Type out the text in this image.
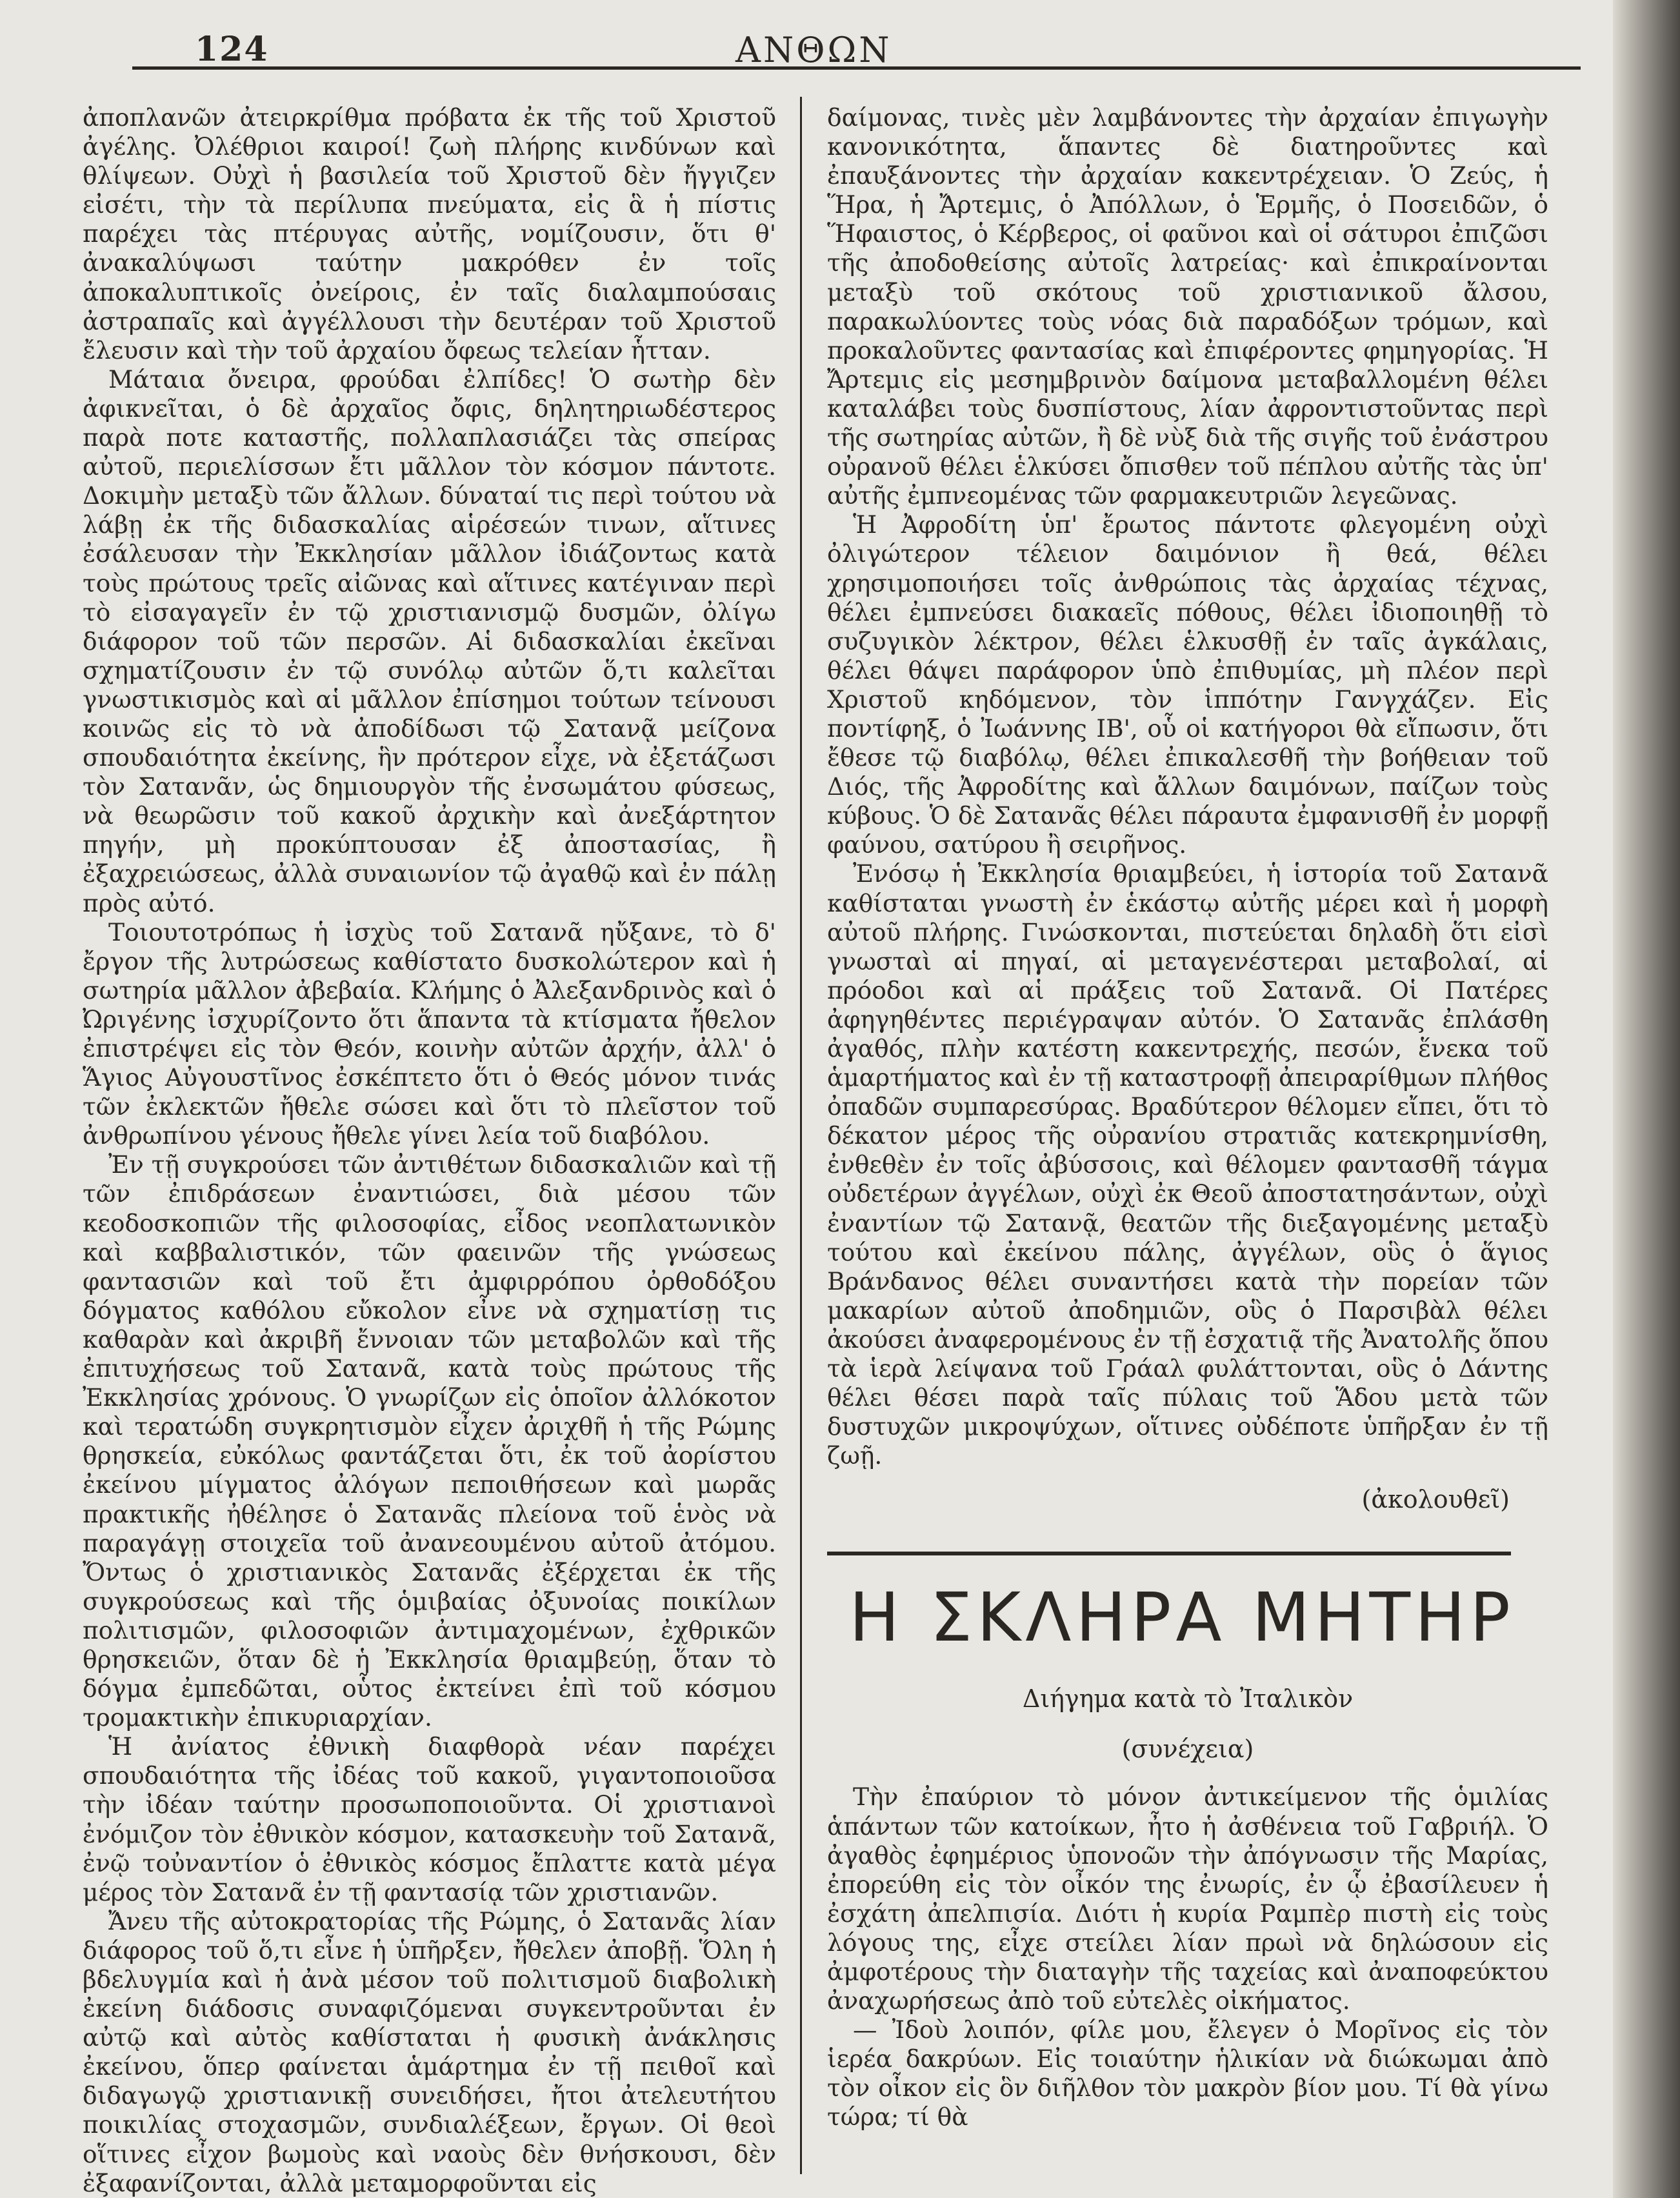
124	ΑΝΘΩΝ

ἀποπλανῶν ἀτειρκρίθμα πρόβατα ἐκ τῆς τοῦ Χριστοῦ ἀγέλης. Ὀλέθριοι καιροί! ζωὴ πλήρης κινδύνων καὶ θλίψεων. Οὐχὶ ἡ βασιλεία τοῦ Χριστοῦ δὲν ἤγγιζεν εἰσέτι, τὴν τὰ περίλυπα πνεύματα, εἰς ἃ ἡ πίστις παρέχει τὰς πτέρυγας αὐτῆς, νομίζουσιν, ὅτι θ' ἀνακαλύψωσι ταύτην μακρόθεν ἐν τοῖς ἀποκαλυπτικοῖς ὀνείροις, ἐν ταῖς διαλαμπούσαις ἀστραπαῖς καὶ ἀγγέλλουσι τὴν δευτέραν τοῦ Χριστοῦ ἔλευσιν καὶ τὴν τοῦ ἀρχαίου ὄφεως τελείαν ἧτταν.

Μάταια ὄνειρα, φρούδαι ἐλπίδες! Ὁ σωτὴρ δὲν ἀφικνεῖται, ὁ δὲ ἀρχαῖος ὄφις, δηλητηριωδέστερος παρὰ ποτε καταστῆς, πολλαπλασιάζει τὰς σπείρας αὐτοῦ, περιελίσσων ἔτι μᾶλλον τὸν κόσμον πάντοτε. Δοκιμὴν μεταξὺ τῶν ἄλλων. δύναταί τις περὶ τούτου νὰ λάβῃ ἐκ τῆς διδασκαλίας αἱρέσεών τινων, αἵτινες ἐσάλευσαν τὴν Ἐκκλησίαν μᾶλλον ἰδιάζοντως κατὰ τοὺς πρώτους τρεῖς αἰῶνας καὶ αἵτινες κατέγιναν περὶ τὸ εἰσαγαγεῖν ἐν τῷ χριστιανισμῷ δυσμῶν, ὀλίγω διάφορον τοῦ τῶν περσῶν. Αἱ διδασκαλίαι ἐκεῖναι σχηματίζουσιν ἐν τῷ συνόλῳ αὐτῶν ὅ,τι καλεῖται γνωστικισμὸς καὶ αἱ μᾶλλον ἐπίσημοι τούτων τείνουσι κοινῶς εἰς τὸ νὰ ἀποδίδωσι τῷ Σατανᾷ μείζονα σπουδαιότητα ἐκείνης, ἣν πρότερον εἶχε, νὰ ἐξετάζωσι τὸν Σατανᾶν, ὡς δημιουργὸν τῆς ἐνσωμάτου φύσεως, νὰ θεωρῶσιν τοῦ κακοῦ ἀρχικὴν καὶ ἀνεξάρτητον πηγήν, μὴ προκύπτουσαν ἐξ ἀποστασίας, ἢ ἐξαχρειώσεως, ἀλλὰ συναιωνίον τῷ ἀγαθῷ καὶ ἐν πάλῃ πρὸς αὐτό.

Τοιουτοτρόπως ἡ ἰσχὺς τοῦ Σατανᾶ ηὔξανε, τὸ δ' ἔργον τῆς λυτρώσεως καθίστατο δυσκολώτερον καὶ ἡ σωτηρία μᾶλλον ἀβεβαία. Κλήμης ὁ Ἀλεξανδρινὸς καὶ ὁ Ὠριγένης ἰσχυρίζοντο ὅτι ἅπαντα τὰ κτίσματα ἤθελον ἐπιστρέψει εἰς τὸν Θεόν, κοινὴν αὐτῶν ἀρχήν, ἀλλ' ὁ Ἅγιος Αὐγουστῖνος ἐσκέπτετο ὅτι ὁ Θεός μόνον τινάς τῶν ἐκλεκτῶν ἤθελε σώσει καὶ ὅτι τὸ πλεῖστον τοῦ ἀνθρωπίνου γένους ἤθελε γίνει λεία τοῦ διαβόλου.

Ἐν τῇ συγκρούσει τῶν ἀντιθέτων διδασκαλιῶν καὶ τῇ τῶν ἐπιδράσεων ἐναντιώσει, διὰ μέσου τῶν κεοδοσκοπιῶν τῆς φιλοσοφίας, εἶδος νεοπλατωνικὸν καὶ καββαλιστικόν, τῶν φαεινῶν τῆς γνώσεως φαντασιῶν καὶ τοῦ ἔτι ἀμφιρρόπου ὀρθοδόξου δόγματος καθόλου εὔκολον εἶνε νὰ σχηματίσῃ τις καθαρὰν καὶ ἀκριβῆ ἔννοιαν τῶν μεταβολῶν καὶ τῆς ἐπιτυχήσεως τοῦ Σατανᾶ, κατὰ τοὺς πρώτους τῆς Ἐκκλησίας χρόνους. Ὁ γνωρίζων εἰς ὁποῖον ἀλλόκοτον καὶ τερατώδη συγκρητισμὸν εἶχεν ἀριχθῆ ἡ τῆς Ρώμης θρησκεία, εὐκόλως φαντάζεται ὅτι, ἐκ τοῦ ἀορίστου ἐκείνου μίγματος ἀλόγων πεποιθήσεων καὶ μωρᾶς πρακτικῆς ἠθέλησε ὁ Σατανᾶς πλείονα τοῦ ἑνὸς νὰ παραγάγῃ στοιχεῖα τοῦ ἀνανεουμένου αὐτοῦ ἀτόμου. Ὄντως ὁ χριστιανικὸς Σατανᾶς ἐξέρχεται ἐκ τῆς συγκρούσεως καὶ τῆς ὁμιβαίας ὀξυνοίας ποικίλων πολιτισμῶν, φιλοσοφιῶν ἀντιμαχομένων, ἐχθρικῶν θρησκειῶν, ὅταν δὲ ἡ Ἐκκλησία θριαμβεύῃ, ὅταν τὸ δόγμα ἐμπεδῶται, οὗτος ἐκτείνει ἐπὶ τοῦ κόσμου τρομακτικὴν ἐπικυριαρχίαν.

Ἡ ἀνίατος ἐθνικὴ διαφθορὰ νέαν παρέχει σπουδαιότητα τῆς ἰδέας τοῦ κακοῦ, γιγαντοποιοῦσα τὴν ἰδέαν ταύτην προσωποποιοῦντα. Οἱ χριστιανοὶ ἐνόμιζον τὸν ἐθνικὸν κόσμον, κατασκευὴν τοῦ Σατανᾶ, ἐνῷ τοὐναντίον ὁ ἐθνικὸς κόσμος ἔπλαττε κατὰ μέγα μέρος τὸν Σατανᾶ ἐν τῇ φαντασίᾳ τῶν χριστιανῶν.

Ἄνευ τῆς αὐτοκρατορίας τῆς Ρώμης, ὁ Σατανᾶς λίαν διάφορος τοῦ ὅ,τι εἶνε ἡ ὑπῆρξεν, ἤθελεν ἀποβῇ. Ὅλη ἡ βδελυγμία καὶ ἡ ἀνὰ μέσον τοῦ πολιτισμοῦ διαβολικὴ ἐκείνη διάδοσις συναφιζόμεναι συγκεντροῦνται ἐν αὐτῷ καὶ αὐτὸς καθίσταται ἡ φυσικὴ ἀνάκλησις ἐκείνου, ὅπερ φαίνεται ἁμάρτημα ἐν τῇ πειθοῖ καὶ διδαγωγῷ χριστιανικῇ συνειδήσει, ἤτοι ἀτελευτήτου ποικιλίας στοχασμῶν, συνδιαλέξεων, ἔργων. Οἱ θεοὶ οἵτινες εἶχον βωμοὺς καὶ ναοὺς δὲν θνήσκουσι, δὲν ἐξαφανίζονται, ἀλλὰ μεταμορφοῦνται εἰς

δαίμονας, τινὲς μὲν λαμβάνοντες τὴν ἀρχαίαν ἐπιγωγὴν κανονικότητα, ἅπαντες δὲ διατηροῦντες καὶ ἐπαυξάνοντες τὴν ἀρχαίαν κακεντρέχειαν. Ὁ Ζεύς, ἡ Ἥρα, ἡ Ἄρτεμις, ὁ Ἀπόλλων, ὁ Ἑρμῆς, ὁ Ποσειδῶν, ὁ Ἥφαιστος, ὁ Κέρβερος, οἱ φαῦνοι καὶ οἱ σάτυροι ἐπιζῶσι τῆς ἀποδοθείσης αὐτοῖς λατρείας· καὶ ἐπικραίνονται μεταξὺ τοῦ σκότους τοῦ χριστιανικοῦ ἄλσου, παρακωλύοντες τοὺς νόας διὰ παραδόξων τρόμων, καὶ προκαλοῦντες φαντασίας καὶ ἐπιφέροντες φημηγορίας. Ἡ Ἄρτεμις εἰς μεσημβρινὸν δαίμονα μεταβαλλομένη θέλει καταλάβει τοὺς δυσπίστους, λίαν ἀφροντιστοῦντας περὶ τῆς σωτηρίας αὐτῶν, ἢ δὲ νὺξ διὰ τῆς σιγῆς τοῦ ἐνάστρου οὐρανοῦ θέλει ἑλκύσει ὄπισθεν τοῦ πέπλου αὐτῆς τὰς ὑπ' αὐτῆς ἐμπνεομένας τῶν φαρμακευτριῶν λεγεῶνας.

Ἡ Ἀφροδίτη ὑπ' ἔρωτος πάντοτε φλεγομένη οὐχὶ ὀλιγώτερον τέλειον δαιμόνιον ἢ θεά, θέλει χρησιμοποιήσει τοῖς ἀνθρώποις τὰς ἀρχαίας τέχνας, θέλει ἐμπνεύσει διακαεῖς πόθους, θέλει ἰδιοποιηθῇ τὸ συζυγικὸν λέκτρον, θέλει ἑλκυσθῇ ἐν ταῖς ἀγκάλαις, θέλει θάψει παράφορον ὑπὸ ἐπιθυμίας, μὴ πλέον περὶ Χριστοῦ κηδόμενον, τὸν ἱππότην Γανγχάζεν. Εἰς ποντίφηξ, ὁ Ἰωάννης ΙΒ', οὗ οἱ κατήγοροι θὰ εἴπωσιν, ὅτι ἔθεσε τῷ διαβόλῳ, θέλει ἐπικαλεσθῆ τὴν βοήθειαν τοῦ Διός, τῆς Ἀφροδίτης καὶ ἄλλων δαιμόνων, παίζων τοὺς κύβους. Ὁ δὲ Σατανᾶς θέλει πάραυτα ἐμφανισθῆ ἐν μορφῇ φαύνου, σατύρου ἢ σειρῆνος.

Ἐνόσῳ ἡ Ἐκκλησία θριαμβεύει, ἡ ἱστορία τοῦ Σατανᾶ καθίσταται γνωστὴ ἐν ἑκάστῳ αὐτῆς μέρει καὶ ἡ μορφὴ αὐτοῦ πλήρης. Γινώσκονται, πιστεύεται δηλαδὴ ὅτι εἰσὶ γνωσταὶ αἱ πηγαί, αἱ μεταγενέστεραι μεταβολαί, αἱ πρόοδοι καὶ αἱ πράξεις τοῦ Σατανᾶ. Οἱ Πατέρες ἀφηγηθέντες περιέγραψαν αὐτόν. Ὁ Σατανᾶς ἐπλάσθη ἀγαθός, πλὴν κατέστη κακεντρεχής, πεσών, ἕνεκα τοῦ ἁμαρτήματος καὶ ἐν τῇ καταστροφῇ ἀπειραρίθμων πλήθος ὀπαδῶν συμπαρεσύρας. Βραδύτερον θέλομεν εἴπει, ὅτι τὸ δέκατον μέρος τῆς οὐρανίου στρατιᾶς κατεκρημνίσθη, ἐνθεθὲν ἐν τοῖς ἀβύσσοις, καὶ θέλομεν φαντασθῆ τάγμα οὐδετέρων ἀγγέλων, οὐχὶ ἐκ Θεοῦ ἀποστατησάντων, οὐχὶ ἐναντίων τῷ Σατανᾷ, θεατῶν τῆς διεξαγομένης μεταξὺ τούτου καὶ ἐκείνου πάλης, ἀγγέλων, οὓς ὁ ἅγιος Βράνδανος θέλει συναντήσει κατὰ τὴν πορείαν τῶν μακαρίων αὐτοῦ ἀποδημιῶν, οὓς ὁ Παρσιβὰλ θέλει ἀκούσει ἀναφερομένους ἐν τῇ ἐσχατιᾷ τῆς Ἀνατολῆς ὅπου τὰ ἱερὰ λείψανα τοῦ Γράαλ φυλάττονται, οὓς ὁ Δάντης θέλει θέσει παρὰ ταῖς πύλαις τοῦ Ἅδου μετὰ τῶν δυστυχῶν μικροψύχων, οἵτινες οὐδέποτε ὑπῆρξαν ἐν τῇ ζωῇ.

(ἀκολουθεῖ)

Η ΣΚΛΗΡΑ ΜΗΤΗΡ

Διήγημα κατὰ τὸ Ἰταλικὸν

(συνέχεια)

Τὴν ἐπαύριον τὸ μόνον ἀντικείμενον τῆς ὁμιλίας ἁπάντων τῶν κατοίκων, ἦτο ἡ ἀσθένεια τοῦ Γαβριήλ. Ὁ ἀγαθὸς ἐφημέριος ὑπονοῶν τὴν ἀπόγνωσιν τῆς Μαρίας, ἐπορεύθη εἰς τὸν οἶκόν της ἐνωρίς, ἐν ᾧ ἐβασίλευεν ἡ ἐσχάτη ἀπελπισία. Διότι ἡ κυρία Ραμπὲρ πιστὴ εἰς τοὺς λόγους της, εἶχε στείλει λίαν πρωὶ νὰ δηλώσουν εἰς ἀμφοτέρους τὴν διαταγὴν τῆς ταχείας καὶ ἀναποφεύκτου ἀναχωρήσεως ἀπὸ τοῦ εὐτελὲς οἰκήματος.

— Ἰδοὺ λοιπόν, φίλε μου, ἔλεγεν ὁ Μορῖνος εἰς τὸν ἱερέα δακρύων. Εἰς τοιαύτην ἡλικίαν νὰ διώκωμαι ἀπὸ τὸν οἶκον εἰς ὃν διῆλθον τὸν μακρὸν βίον μου. Τί θὰ γίνω τώρα; τί θὰ
